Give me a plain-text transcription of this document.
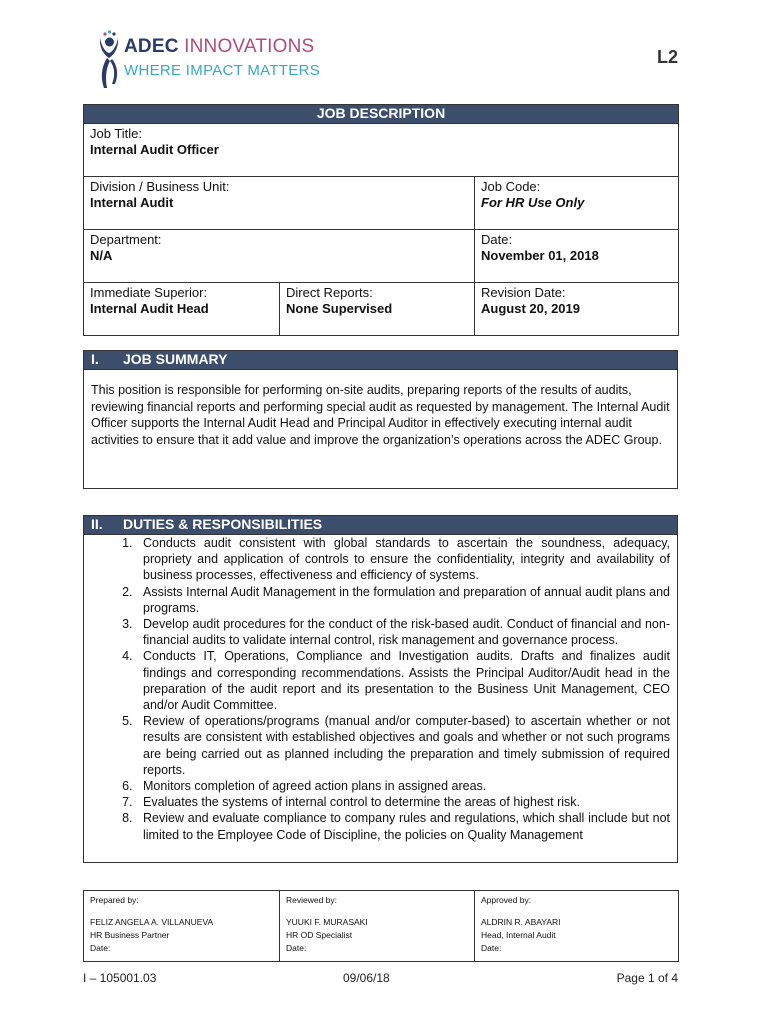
ADEC INNOVATIONS
WHERE IMPACT MATTERS
L2
JOB DESCRIPTION		

Job Title:
Internal Audit Officer		

Division / Business Unit:
Internal Audit		Job Code:
For HR Use Only

Department:
N/A		Date:
November 01, 2018

Immediate Superior:
Internal Audit Head	Direct Reports:
None Supervised	Revision Date:
August 20, 2019
I. JOB SUMMARY
This position is responsible for performing on-site audits, preparing reports of the results of audits, reviewing financial reports and performing special audit as requested by management. The Internal Audit Officer supports the Internal Audit Head and Principal Auditor in effectively executing internal audit activities to ensure that it add value and improve the organization’s operations across the ADEC Group.
II. DUTIES & RESPONSIBILITIES

1. Conducts audit consistent with global standards to ascertain the soundness, adequacy, propriety and application of controls to ensure the confidentiality, integrity and availability of business processes, effectiveness and efficiency of systems.
2. Assists Internal Audit Management in the formulation and preparation of annual audit plans and programs.
3. Develop audit procedures for the conduct of the risk-based audit. Conduct of financial and non-financial audits to validate internal control, risk management and governance process.
4. Conducts IT, Operations, Compliance and Investigation audits. Drafts and finalizes audit findings and corresponding recommendations. Assists the Principal Auditor/Audit head in the preparation of the audit report and its presentation to the Business Unit Management, CEO and/or Audit Committee.
5. Review of operations/programs (manual and/or computer-based) to ascertain whether or not results are consistent with established objectives and goals and whether or not such programs are being carried out as planned including the preparation and timely submission of required reports.
6. Monitors completion of agreed action plans in assigned areas.
7. Evaluates the systems of internal control to determine the areas of highest risk.
8. Review and evaluate compliance to company rules and regulations, which shall include but not limited to the Employee Code of Discipline, the policies on Quality Management
Prepared by:
FELIZ ANGELA A. VILLANUEVA
HR Business Partner
Date:

Reviewed by:
YUUKI F. MURASAKI
HR OD Specialist
Date:

Approved by:
ALDRIN R. ABAYARI
Head, Internal Audit
Date:
I – 105001.03	09/06/18	Page 1 of 4
